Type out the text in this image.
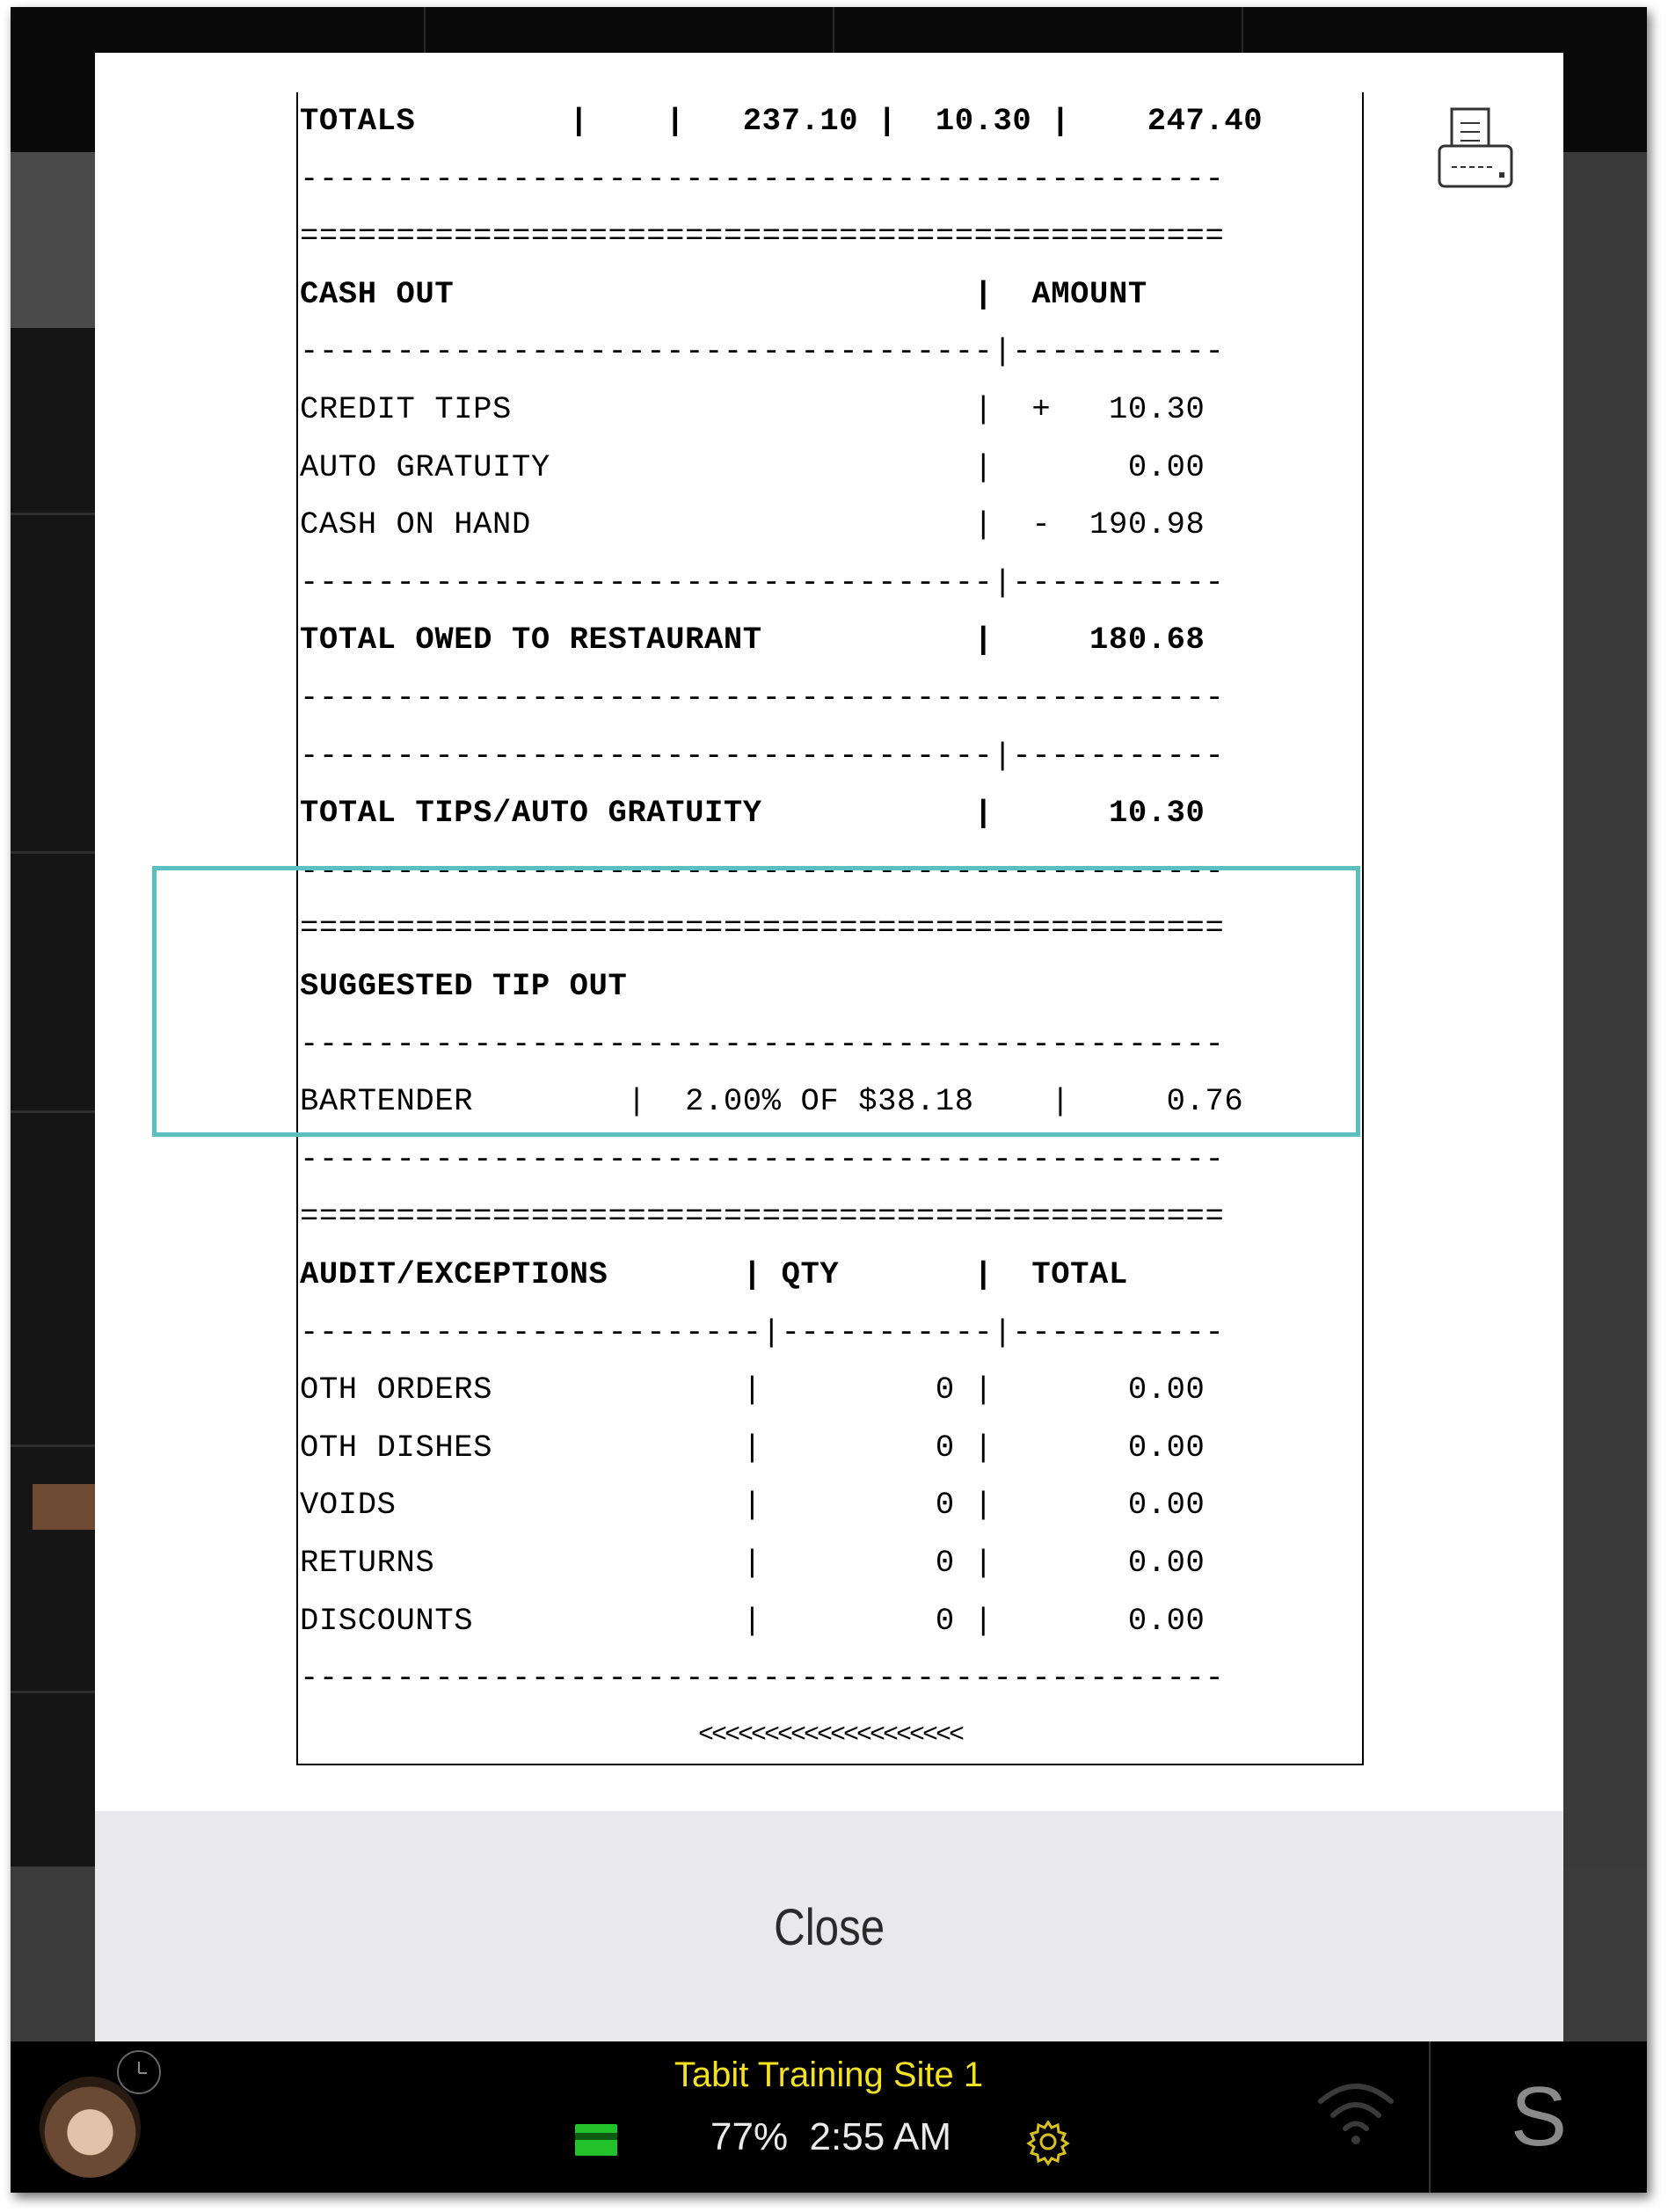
<<<<<<<<<<<<<<<<<<<<
TOTALS        |    |   237.10 |  10.30 |    247.40
------------------------------------------------
================================================
CASH OUT                           |  AMOUNT
------------------------------------|-----------
CREDIT TIPS                        |  +   10.30
AUTO GRATUITY                      |       0.00
CASH ON HAND                       |  -  190.98
------------------------------------|-----------
TOTAL OWED TO RESTAURANT           |     180.68
------------------------------------------------
------------------------------------|-----------
TOTAL TIPS/AUTO GRATUITY           |      10.30
------------------------------------------------
================================================
SUGGESTED TIP OUT
------------------------------------------------
BARTENDER        |  2.00% OF $38.18    |     0.76
------------------------------------------------
================================================
AUDIT/EXCEPTIONS       | QTY       |  TOTAL
------------------------|-----------|-----------
OTH ORDERS             |         0 |       0.00
OTH DISHES             |         0 |       0.00
VOIDS                  |         0 |       0.00
RETURNS                |         0 |       0.00
DISCOUNTS              |         0 |       0.00
------------------------------------------------
Close
Tabit Training Site 1
77% 2:55 AM	S
